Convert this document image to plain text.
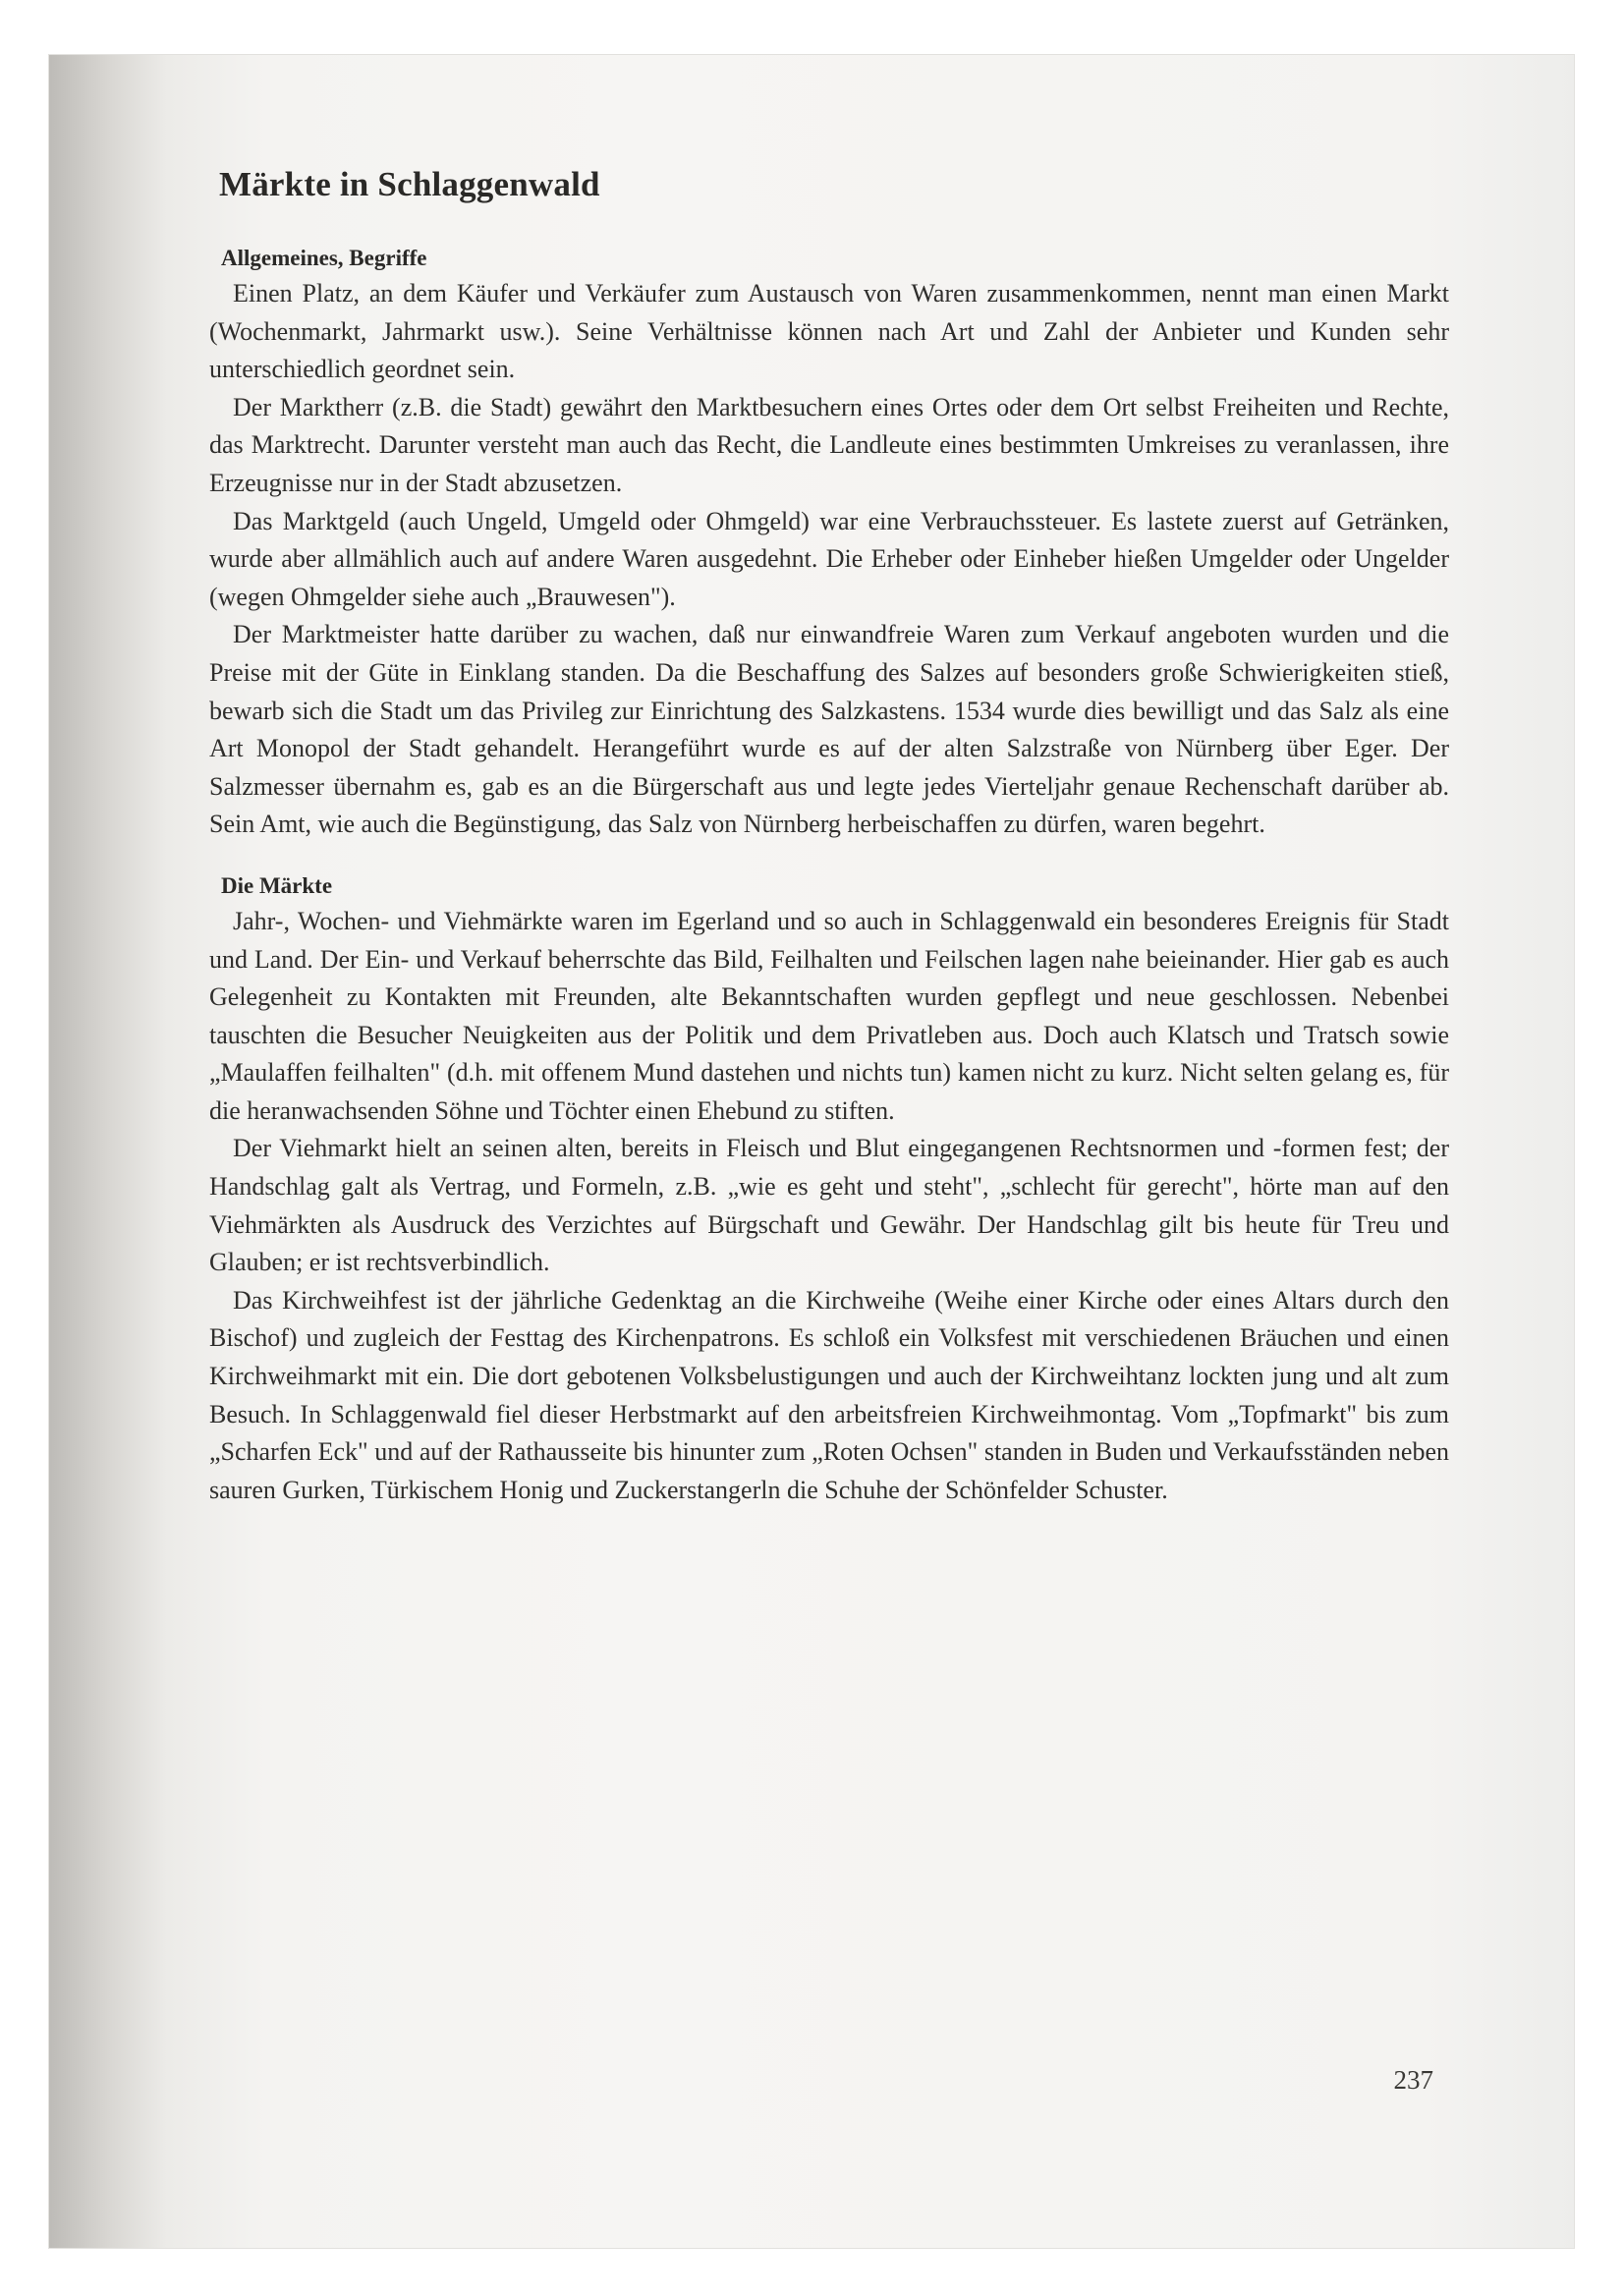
Märkte in Schlaggenwald
Allgemeines, Begriffe

Einen Platz, an dem Käufer und Verkäufer zum Austausch von Waren zusammenkommen, nennt man einen Markt (Wochenmarkt, Jahrmarkt usw.). Seine Verhältnisse können nach Art und Zahl der Anbieter und Kunden sehr unterschiedlich geordnet sein.

Der Marktherr (z.B. die Stadt) gewährt den Marktbesuchern eines Ortes oder dem Ort selbst Freiheiten und Rechte, das Marktrecht. Darunter versteht man auch das Recht, die Landleute eines bestimmten Umkreises zu veranlassen, ihre Erzeugnisse nur in der Stadt abzusetzen.

Das Marktgeld (auch Ungeld, Umgeld oder Ohmgeld) war eine Verbrauchssteuer. Es lastete zuerst auf Getränken, wurde aber allmählich auch auf andere Waren ausgedehnt. Die Erheber oder Einheber hießen Umgelder oder Ungelder (wegen Ohmgelder siehe auch „Brauwesen").

Der Marktmeister hatte darüber zu wachen, daß nur einwandfreie Waren zum Verkauf angeboten wurden und die Preise mit der Güte in Einklang standen. Da die Beschaffung des Salzes auf besonders große Schwierigkeiten stieß, bewarb sich die Stadt um das Privileg zur Einrichtung des Salzkastens. 1534 wurde dies bewilligt und das Salz als eine Art Monopol der Stadt gehandelt. Herangeführt wurde es auf der alten Salzstraße von Nürnberg über Eger. Der Salzmesser übernahm es, gab es an die Bürgerschaft aus und legte jedes Vierteljahr genaue Rechenschaft darüber ab. Sein Amt, wie auch die Begünstigung, das Salz von Nürnberg herbeischaffen zu dürfen, waren begehrt.

Die Märkte

Jahr-, Wochen- und Viehmärkte waren im Egerland und so auch in Schlaggenwald ein besonderes Ereignis für Stadt und Land. Der Ein- und Verkauf beherrschte das Bild, Feilhalten und Feilschen lagen nahe beieinander. Hier gab es auch Gelegenheit zu Kontakten mit Freunden, alte Bekanntschaften wurden gepflegt und neue geschlossen. Nebenbei tauschten die Besucher Neuigkeiten aus der Politik und dem Privatleben aus. Doch auch Klatsch und Tratsch sowie „Maulaffen feilhalten" (d.h. mit offenem Mund dastehen und nichts tun) kamen nicht zu kurz. Nicht selten gelang es, für die heranwachsenden Söhne und Töchter einen Ehebund zu stiften.

Der Viehmarkt hielt an seinen alten, bereits in Fleisch und Blut eingegangenen Rechtsnormen und -formen fest; der Handschlag galt als Vertrag, und Formeln, z.B. „wie es geht und steht", „schlecht für gerecht", hörte man auf den Viehmärkten als Ausdruck des Verzichtes auf Bürgschaft und Gewähr. Der Handschlag gilt bis heute für Treu und Glauben; er ist rechtsverbindlich.

Das Kirchweihfest ist der jährliche Gedenktag an die Kirchweihe (Weihe einer Kirche oder eines Altars durch den Bischof) und zugleich der Festtag des Kirchenpatrons. Es schloß ein Volksfest mit verschiedenen Bräuchen und einen Kirchweihmarkt mit ein. Die dort gebotenen Volksbelustigungen und auch der Kirchweihtanz lockten jung und alt zum Besuch. In Schlaggenwald fiel dieser Herbstmarkt auf den arbeitsfreien Kirchweihmontag. Vom „Topfmarkt" bis zum „Scharfen Eck" und auf der Rathausseite bis hinunter zum „Roten Ochsen" standen in Buden und Verkaufsständen neben sauren Gurken, Türkischem Honig und Zuckerstangerln die Schuhe der Schönfelder Schuster.

237
